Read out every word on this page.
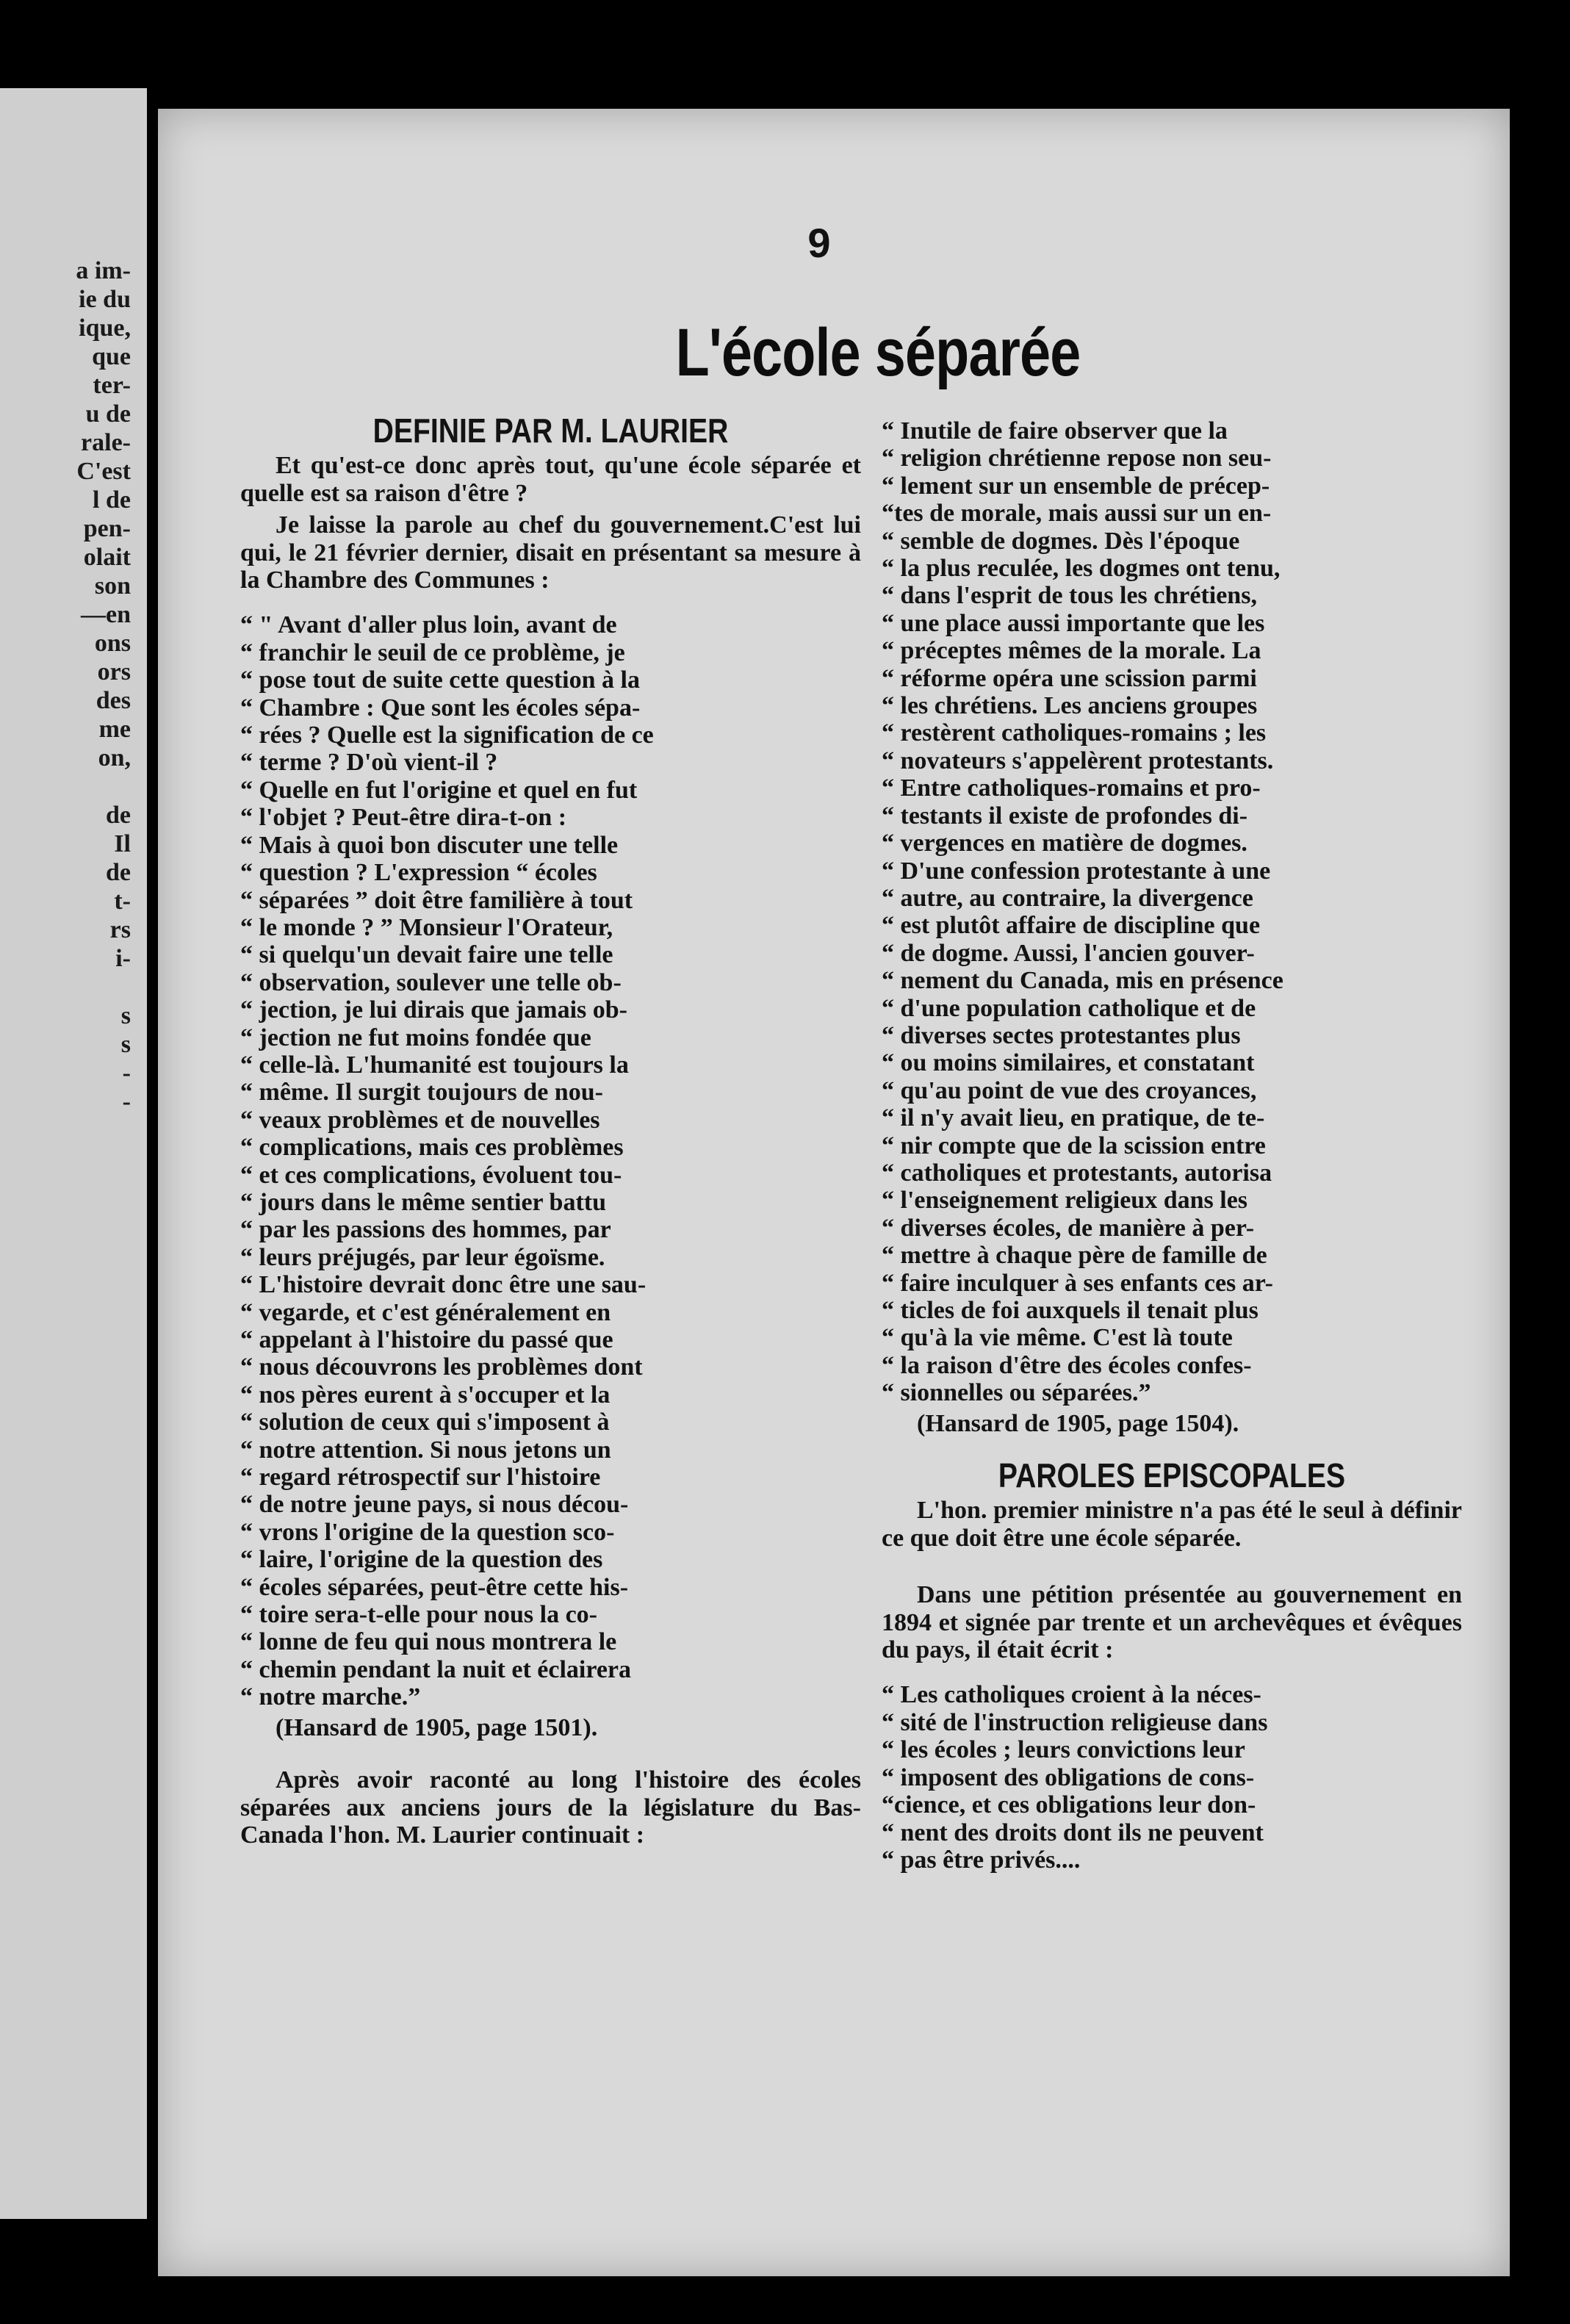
a im-
ie du
ique,
que
ter-
u de
rale-
C'est
l de
pen-
olait
son
—en
ons
ors
des
me
on,
de
Il
de
t-
rs
i-
s
s
-
-
9
L'école séparée
DEFINIE PAR M. LAURIER

Et qu'est-ce donc après tout, qu'une école séparée et quelle est sa raison d'être ?

Je laisse la parole au chef du gouvernement.C'est lui qui, le 21 février dernier, disait en présentant sa mesure à la Chambre des Communes :

“ " Avant d'aller plus loin, avant de
“ franchir le seuil de ce problème, je
“ pose tout de suite cette question à la
“ Chambre : Que sont les écoles sépa-
“ rées ? Quelle est la signification de ce
“ terme ? D'où vient-il ?
“ Quelle en fut l'origine et quel en fut
“ l'objet ? Peut-être dira-t-on :
“ Mais à quoi bon discuter une telle
“ question ? L'expression “ écoles
“ séparées ” doit être familière à tout
“ le monde ? ” Monsieur l'Orateur,
“ si quelqu'un devait faire une telle
“ observation, soulever une telle ob-
“ jection, je lui dirais que jamais ob-
“ jection ne fut moins fondée que
“ celle-là. L'humanité est toujours la
“ même. Il surgit toujours de nou-
“ veaux problèmes et de nouvelles
“ complications, mais ces problèmes
“ et ces complications, évoluent tou-
“ jours dans le même sentier battu
“ par les passions des hommes, par
“ leurs préjugés, par leur égoïsme.
“ L'histoire devrait donc être une sau-
“ vegarde, et c'est généralement en
“ appelant à l'histoire du passé que
“ nous découvrons les problèmes dont
“ nos pères eurent à s'occuper et la
“ solution de ceux qui s'imposent à
“ notre attention. Si nous jetons un
“ regard rétrospectif sur l'histoire
“ de notre jeune pays, si nous décou-
“ vrons l'origine de la question sco-
“ laire, l'origine de la question des
“ écoles séparées, peut-être cette his-
“ toire sera-t-elle pour nous la co-
“ lonne de feu qui nous montrera le
“ chemin pendant la nuit et éclairera
“ notre marche.”

(Hansard de 1905, page 1501).

Après avoir raconté au long l'histoire des écoles séparées aux anciens jours de la législature du Bas-Canada l'hon. M. Laurier continuait :

“ Inutile de faire observer que la
“ religion chrétienne repose non seu-
“ lement sur un ensemble de précep-
“tes de morale, mais aussi sur un en-
“ semble de dogmes. Dès l'époque
“ la plus reculée, les dogmes ont tenu,
“ dans l'esprit de tous les chrétiens,
“ une place aussi importante que les
“ préceptes mêmes de la morale. La
“ réforme opéra une scission parmi
“ les chrétiens. Les anciens groupes
“ restèrent catholiques-romains ; les
“ novateurs s'appelèrent protestants.
“ Entre catholiques-romains et pro-
“ testants il existe de profondes di-
“ vergences en matière de dogmes.
“ D'une confession protestante à une
“ autre, au contraire, la divergence
“ est plutôt affaire de discipline que
“ de dogme. Aussi, l'ancien gouver-
“ nement du Canada, mis en présence
“ d'une population catholique et de
“ diverses sectes protestantes plus
“ ou moins similaires, et constatant
“ qu'au point de vue des croyances,
“ il n'y avait lieu, en pratique, de te-
“ nir compte que de la scission entre
“ catholiques et protestants, autorisa
“ l'enseignement religieux dans les
“ diverses écoles, de manière à per-
“ mettre à chaque père de famille de
“ faire inculquer à ses enfants ces ar-
“ ticles de foi auxquels il tenait plus
“ qu'à la vie même. C'est là toute
“ la raison d'être des écoles confes-
“ sionnelles ou séparées.”

(Hansard de 1905, page 1504).

PAROLES EPISCOPALES

L'hon. premier ministre n'a pas été le seul à définir ce que doit être une école séparée.

Dans une pétition présentée au gouvernement en 1894 et signée par trente et un archevêques et évêques du pays, il était écrit :

“ Les catholiques croient à la néces-
“ sité de l'instruction religieuse dans
“ les écoles ; leurs convictions leur
“ imposent des obligations de cons-
“cience, et ces obligations leur don-
“ nent des droits dont ils ne peuvent
“ pas être privés....
